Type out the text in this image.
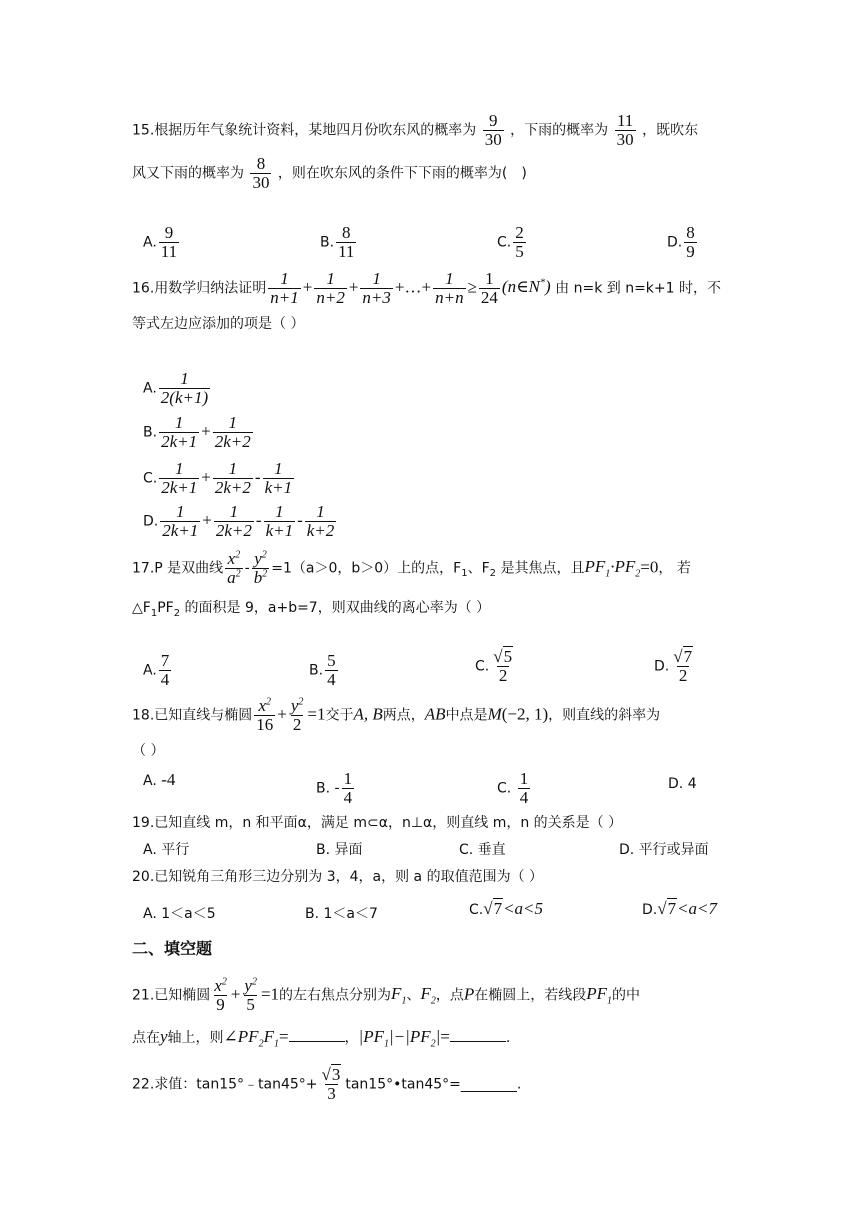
15.根据历年气象统计资料，某地四月份吹东风的概率为 $\frac{9}{30}$ ，下雨的概率为 $\frac{11}{30}$ ，既吹东
风又下雨的概率为 $\frac{8}{30}$ ，则在吹东风的条件下下雨的概率为(　)
A. $\frac{9}{11}$	B. $\frac{8}{11}$	C. $\frac{2}{5}$	D. $\frac{8}{9}$
16.用数学归纳法证明 $\frac{1}{n+1} + \frac{1}{n+2} + \frac{1}{n+3}$ +…+ $\frac{1}{n+n} \ge \frac{1}{24}$ (n∈N*) 由 n=k 到 n=k+1 时，不
等式左边应添加的项是（ ）
A. $\frac{1}{2(k+1)}$
B. $\frac{1}{2k+1} + \frac{1}{2k+2}$
C. $\frac{1}{2k+1} + \frac{1}{2k+2} - \frac{1}{k+1}$
D. $\frac{1}{2k+1} + \frac{1}{2k+2} - \frac{1}{k+1} - \frac{1}{k+2}$
17.P 是双曲线 $\frac{x^2}{a^2} - \frac{y^2}{b^2} =1(a>0$，b＞0）上的点，$F_1$、$F_2$ 是其焦点，且$PF_1\cdot PF_2=0$， 若
$\triangle F_1PF_2$ 的面积是 9，a+b=7，则双曲线的离心率为（ ）
A. $\frac{7}{4}$	B. $\frac{5}{4}$	C. $\frac{√5}{2}$	D. $\frac{√7}{2}$
18.已知直线与椭圆 $\frac{x^2}{16} + \frac{y^2}{2} =1$交于A, B两点，AB中点是M(−2, 1)，则直线的斜率为
（ ）
A. -4	B. - $\frac{1}{4}$	C. $\frac{1}{4}$	D. 4
19.已知直线 m，n 和平面α，满足 m⊂α，n⊥α，则直线 m，n 的关系是（ ）
A. 平行	B. 异面	C. 垂直	D. 平行或异面
20.已知锐角三角形三边分别为 3，4，a，则 a 的取值范围为（ ）
A. 1＜a＜5	B. 1＜a＜7	C.√7<a<5	D.√7<a<7
二、填空题
21.已知椭圆 $\frac{x^2}{9} + \frac{y^2}{5} =1$的左右焦点分别为$F_1$、$F_2$，点P在椭圆上，若线段$PF_1$的中
点在y轴上，则$\angle PF_2F_1=$	，$|PF_1|-|PF_2|=$	.
22.求值：tan15°﹣tan45°+ $\frac{√3}{3}$ tan15°•tan45°=________.
